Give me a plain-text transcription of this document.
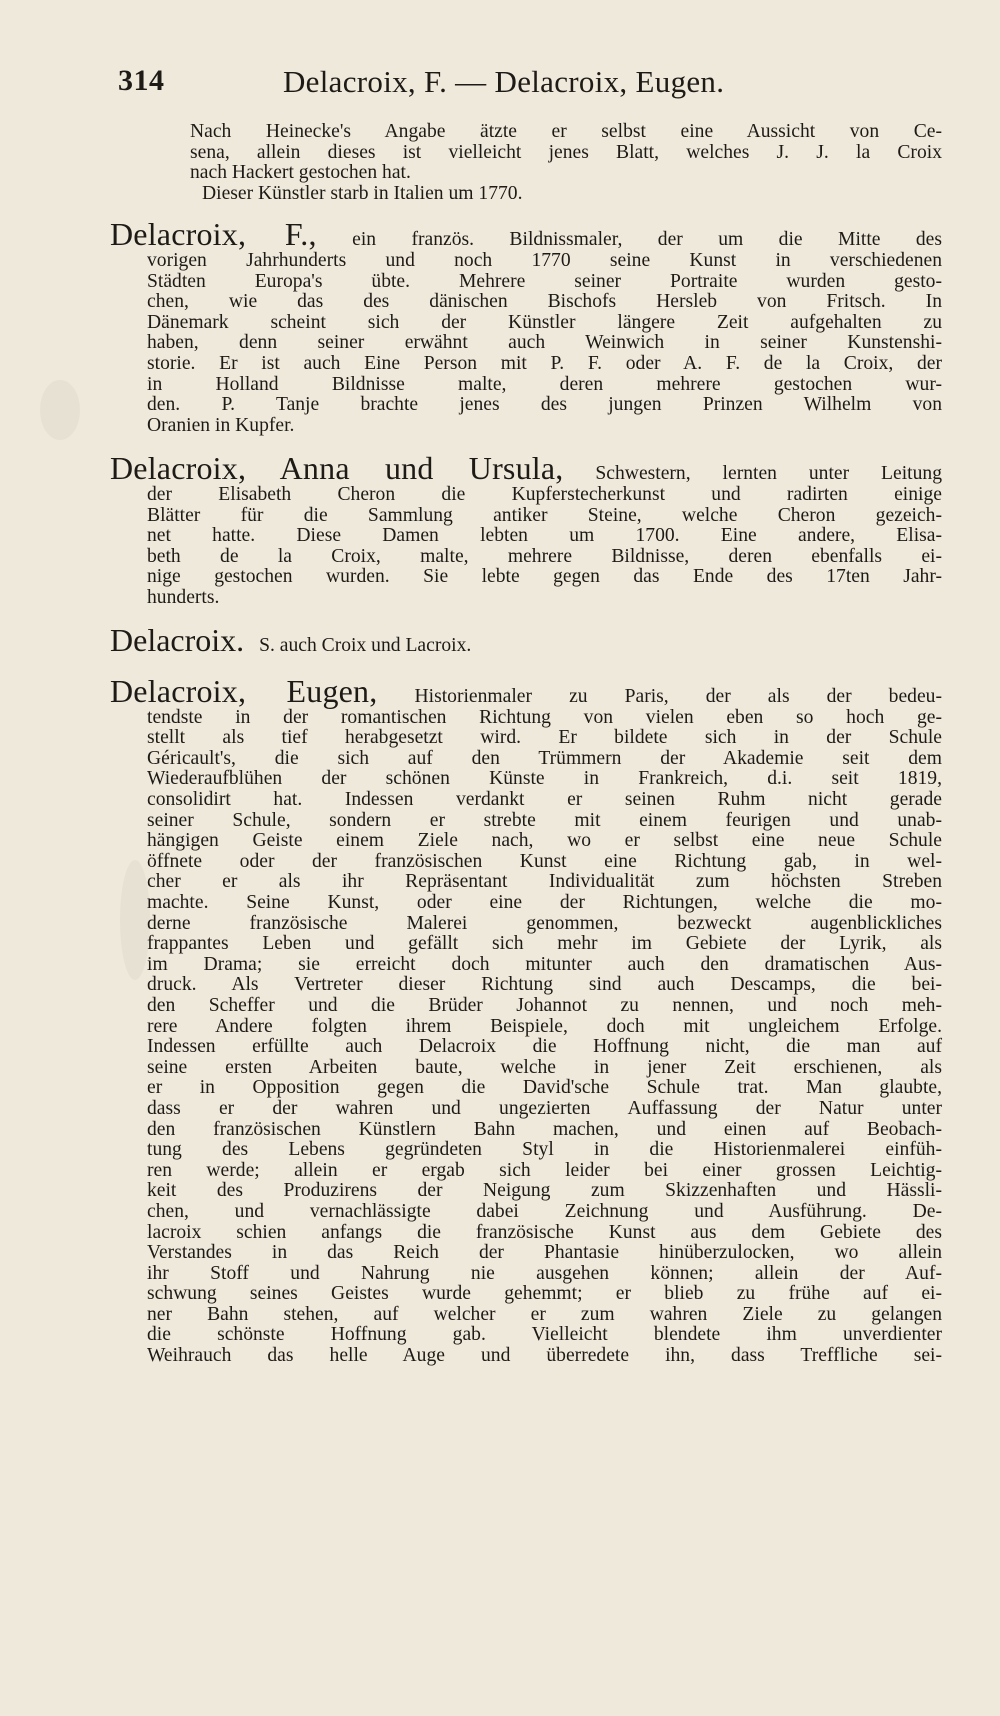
314	Delacroix, F. — Delacroix, Eugen.
Nach Heinecke's Angabe ätzte er selbst eine Aussicht von Ce-
sena, allein dieses ist vielleicht jenes Blatt, welches J. J. la Croix
nach Hackert gestochen hat.
Dieser Künstler starb in Italien um 1770.
Delacroix, F., ein französ. Bildnissmaler, der um die Mitte des
vorigen Jahrhunderts und noch 1770 seine Kunst in verschiedenen
Städten Europa's übte. Mehrere seiner Portraite wurden gesto-
chen, wie das des dänischen Bischofs Hersleb von Fritsch. In
Dänemark scheint sich der Künstler längere Zeit aufgehalten zu
haben, denn seiner erwähnt auch Weinwich in seiner Kunstenshi-
storie. Er ist auch Eine Person mit P. F. oder A. F. de la Croix, der
in Holland Bildnisse malte, deren mehrere gestochen wur-
den. P. Tanje brachte jenes des jungen Prinzen Wilhelm von
Oranien in Kupfer.
Delacroix, Anna und Ursula, Schwestern, lernten unter Leitung
der Elisabeth Cheron die Kupferstecherkunst und radirten einige
Blätter für die Sammlung antiker Steine, welche Cheron gezeich-
net hatte. Diese Damen lebten um 1700. Eine andere, Elisa-
beth de la Croix, malte, mehrere Bildnisse, deren ebenfalls ei-
nige gestochen wurden. Sie lebte gegen das Ende des 17ten Jahr-
hunderts.
Delacroix. S. auch Croix und Lacroix.
Delacroix, Eugen, Historienmaler zu Paris, der als der bedeu-
tendste in der romantischen Richtung von vielen eben so hoch ge-
stellt als tief herabgesetzt wird. Er bildete sich in der Schule
Géricault's, die sich auf den Trümmern der Akademie seit dem
Wiederaufblühen der schönen Künste in Frankreich, d.i. seit 1819,
consolidirt hat. Indessen verdankt er seinen Ruhm nicht gerade
seiner Schule, sondern er strebte mit einem feurigen und unab-
hängigen Geiste einem Ziele nach, wo er selbst eine neue Schule
öffnete oder der französischen Kunst eine Richtung gab, in wel-
cher er als ihr Repräsentant Individualität zum höchsten Streben
machte. Seine Kunst, oder eine der Richtungen, welche die mo-
derne französische Malerei genommen, bezweckt augenblickliches
frappantes Leben und gefällt sich mehr im Gebiete der Lyrik, als
im Drama; sie erreicht doch mitunter auch den dramatischen Aus-
druck. Als Vertreter dieser Richtung sind auch Descamps, die bei-
den Scheffer und die Brüder Johannot zu nennen, und noch meh-
rere Andere folgten ihrem Beispiele, doch mit ungleichem Erfolge.
Indessen erfüllte auch Delacroix die Hoffnung nicht, die man auf
seine ersten Arbeiten baute, welche in jener Zeit erschienen, als
er in Opposition gegen die David'sche Schule trat. Man glaubte,
dass er der wahren und ungezierten Auffassung der Natur unter
den französischen Künstlern Bahn machen, und einen auf Beobach-
tung des Lebens gegründeten Styl in die Historienmalerei einfüh-
ren werde; allein er ergab sich leider bei einer grossen Leichtig-
keit des Produzirens der Neigung zum Skizzenhaften und Hässli-
chen, und vernachlässigte dabei Zeichnung und Ausführung. De-
lacroix schien anfangs die französische Kunst aus dem Gebiete des
Verstandes in das Reich der Phantasie hinüberzulocken, wo allein
ihr Stoff und Nahrung nie ausgehen können; allein der Auf-
schwung seines Geistes wurde gehemmt; er blieb zu frühe auf ei-
ner Bahn stehen, auf welcher er zum wahren Ziele zu gelangen
die schönste Hoffnung gab. Vielleicht blendete ihm unverdienter
Weihrauch das helle Auge und überredete ihn, dass Treffliche sei-
